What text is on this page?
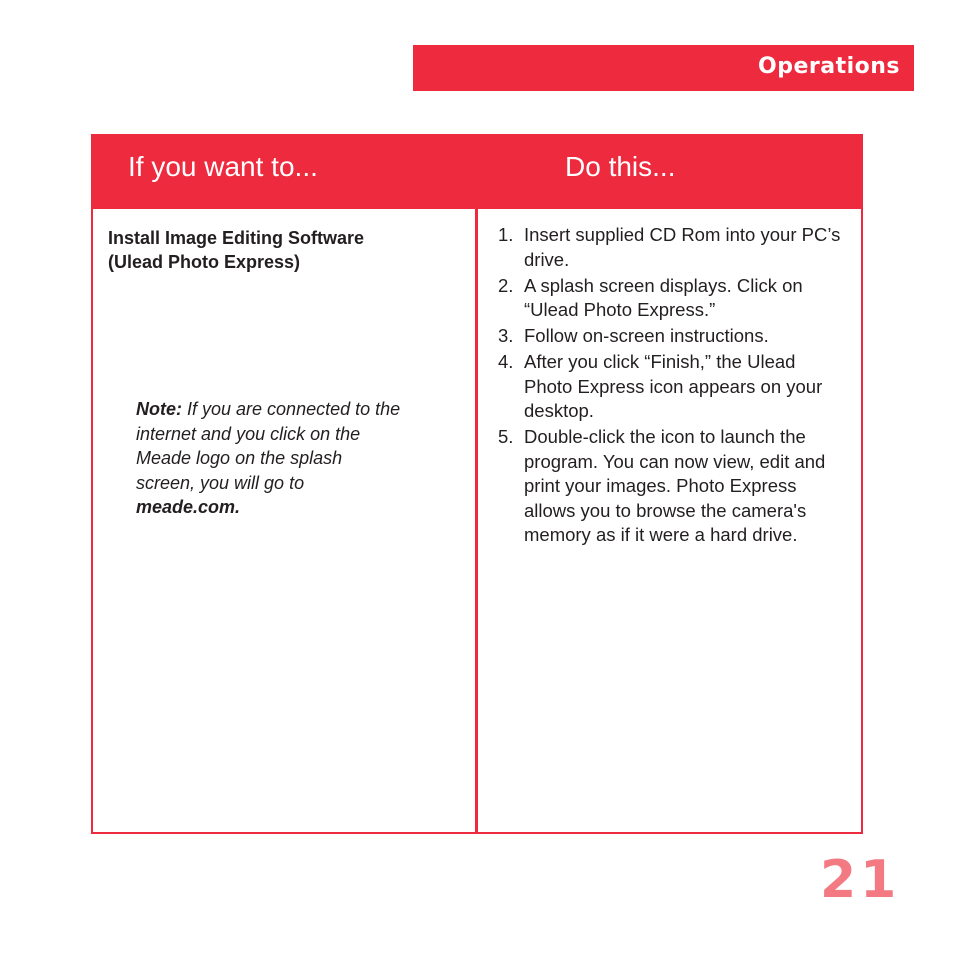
Operations
If you want to...	Do this...

Install Image Editing Software
(Ulead Photo Express)

Note: If you are connected to the internet and you click on the Meade logo on the splash screen, you will go to meade.com.

1. Insert supplied CD Rom into your PC’s drive.
2. A splash screen displays. Click on “Ulead Photo Express.”
3. Follow on-screen instructions.
4. After you click “Finish,” the Ulead Photo Express icon appears on your desktop.
5. Double-click the icon to launch the program. You can now view, edit and print your images. Photo Express allows you to browse the camera's memory as if it were a hard drive.
21
